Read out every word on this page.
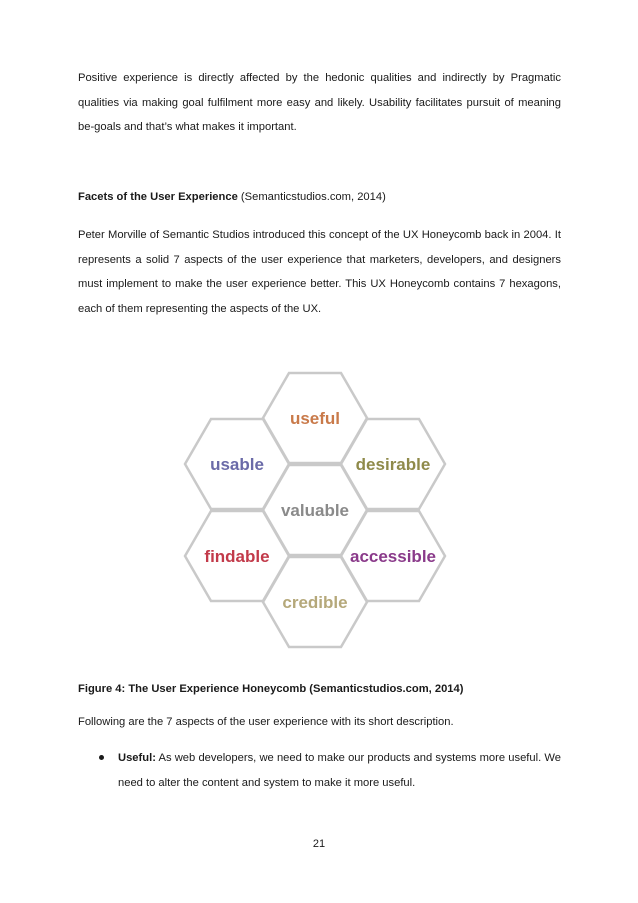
Positive experience is directly affected by the hedonic qualities and indirectly by Pragmatic qualities via making goal fulfilment more easy and likely. Usability facilitates pursuit of meaning be-goals and that’s what makes it important.

Facets of the User Experience (Semanticstudios.com, 2014)

Peter Morville of Semantic Studios introduced this concept of the UX Honeycomb back in 2004. It represents a solid 7 aspects of the user experience that marketers, developers, and designers must implement to make the user experience better. This UX Honeycomb contains 7 hexagons, each of them representing the aspects of the UX.

useful
usable	desirable
valuable
findable	accessible
credible

Figure 4: The User Experience Honeycomb (Semanticstudios.com, 2014)

Following are the 7 aspects of the user experience with its short description.

Useful: As web developers, we need to make our products and systems more useful. We need to alter the content and system to make it more useful.

21
